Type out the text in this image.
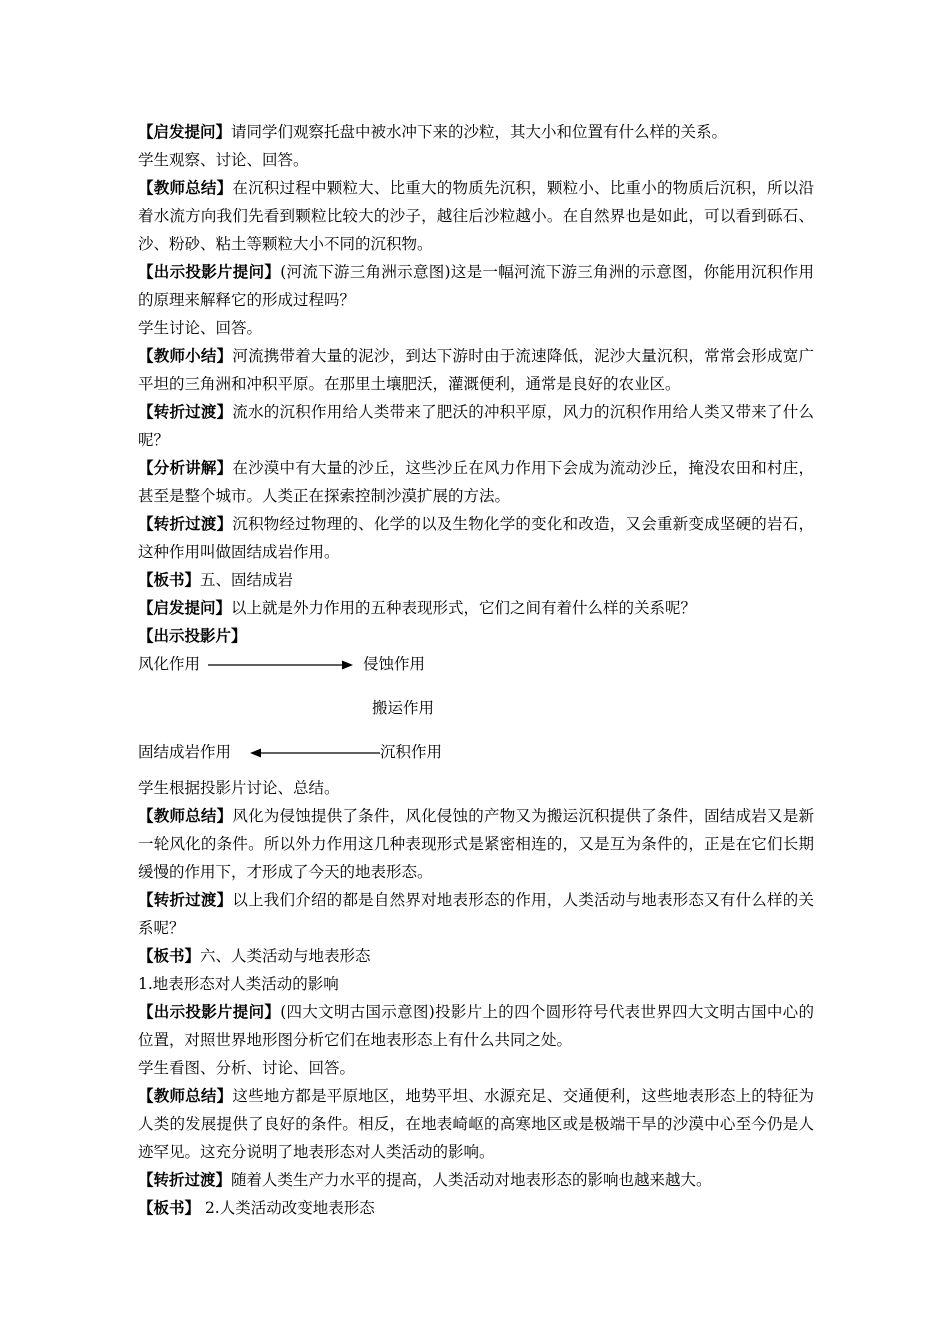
【启发提问】请同学们观察托盘中被水冲下来的沙粒，其大小和位置有什么样的关系。

学生观察、讨论、回答。

【教师总结】在沉积过程中颗粒大、比重大的物质先沉积，颗粒小、比重小的物质后沉积，所以沿着水流方向我们先看到颗粒比较大的沙子，越往后沙粒越小。在自然界也是如此，可以看到砾石、沙、粉砂、粘土等颗粒大小不同的沉积物。

【出示投影片提问】(河流下游三角洲示意图)这是一幅河流下游三角洲的示意图，你能用沉积作用的原理来解释它的形成过程吗？

学生讨论、回答。

【教师小结】河流携带着大量的泥沙，到达下游时由于流速降低，泥沙大量沉积，常常会形成宽广平坦的三角洲和冲积平原。在那里土壤肥沃，灌溉便利，通常是良好的农业区。

【转折过渡】流水的沉积作用给人类带来了肥沃的冲积平原，风力的沉积作用给人类又带来了什么呢？

【分析讲解】在沙漠中有大量的沙丘，这些沙丘在风力作用下会成为流动沙丘，掩没农田和村庄，甚至是整个城市。人类正在探索控制沙漠扩展的方法。

【转折过渡】沉积物经过物理的、化学的以及生物化学的变化和改造，又会重新变成坚硬的岩石，这种作用叫做固结成岩作用。

【板书】五、固结成岩

【启发提问】以上就是外力作用的五种表现形式，它们之间有着什么样的关系呢？

【出示投影片】

风化作用	侵蚀作用
搬运作用
固结成岩作用	沉积作用

学生根据投影片讨论、总结。

【教师总结】风化为侵蚀提供了条件，风化侵蚀的产物又为搬运沉积提供了条件，固结成岩又是新一轮风化的条件。所以外力作用这几种表现形式是紧密相连的，又是互为条件的，正是在它们长期缓慢的作用下，才形成了今天的地表形态。

【转折过渡】以上我们介绍的都是自然界对地表形态的作用，人类活动与地表形态又有什么样的关系呢？

【板书】六、人类活动与地表形态

1.地表形态对人类活动的影响

【出示投影片提问】(四大文明古国示意图)投影片上的四个圆形符号代表世界四大文明古国中心的位置，对照世界地形图分析它们在地表形态上有什么共同之处。

学生看图、分析、讨论、回答。

【教师总结】这些地方都是平原地区，地势平坦、水源充足、交通便利，这些地表形态上的特征为人类的发展提供了良好的条件。相反，在地表崎岖的高寒地区或是极端干旱的沙漠中心至今仍是人迹罕见。这充分说明了地表形态对人类活动的影响。

【转折过渡】随着人类生产力水平的提高，人类活动对地表形态的影响也越来越大。

【板书】 2.人类活动改变地表形态
